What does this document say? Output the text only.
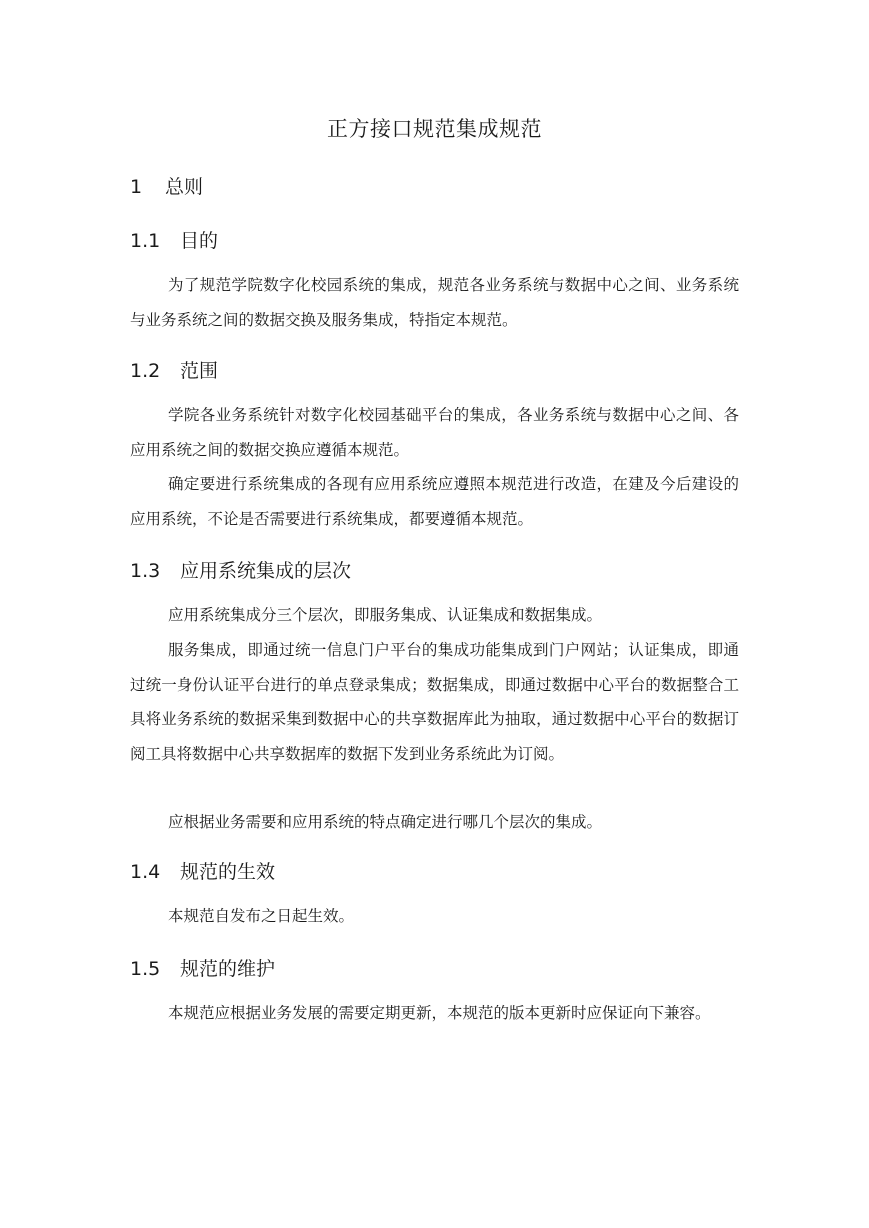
正方接口规范集成规范
1 总则
1.1 目的
为了规范学院数字化校园系统的集成，规范各业务系统与数据中心之间、业务系统与业务系统之间的数据交换及服务集成，特指定本规范。
1.2 范围
学院各业务系统针对数字化校园基础平台的集成，各业务系统与数据中心之间、各应用系统之间的数据交换应遵循本规范。
确定要进行系统集成的各现有应用系统应遵照本规范进行改造，在建及今后建设的应用系统，不论是否需要进行系统集成，都要遵循本规范。
1.3 应用系统集成的层次
应用系统集成分三个层次，即服务集成、认证集成和数据集成。
服务集成，即通过统一信息门户平台的集成功能集成到门户网站；认证集成，即通过统一身份认证平台进行的单点登录集成；数据集成，即通过数据中心平台的数据整合工具将业务系统的数据采集到数据中心的共享数据库此为抽取，通过数据中心平台的数据订阅工具将数据中心共享数据库的数据下发到业务系统此为订阅。
应根据业务需要和应用系统的特点确定进行哪几个层次的集成。
1.4 规范的生效
本规范自发布之日起生效。
1.5 规范的维护
本规范应根据业务发展的需要定期更新，本规范的版本更新时应保证向下兼容。
